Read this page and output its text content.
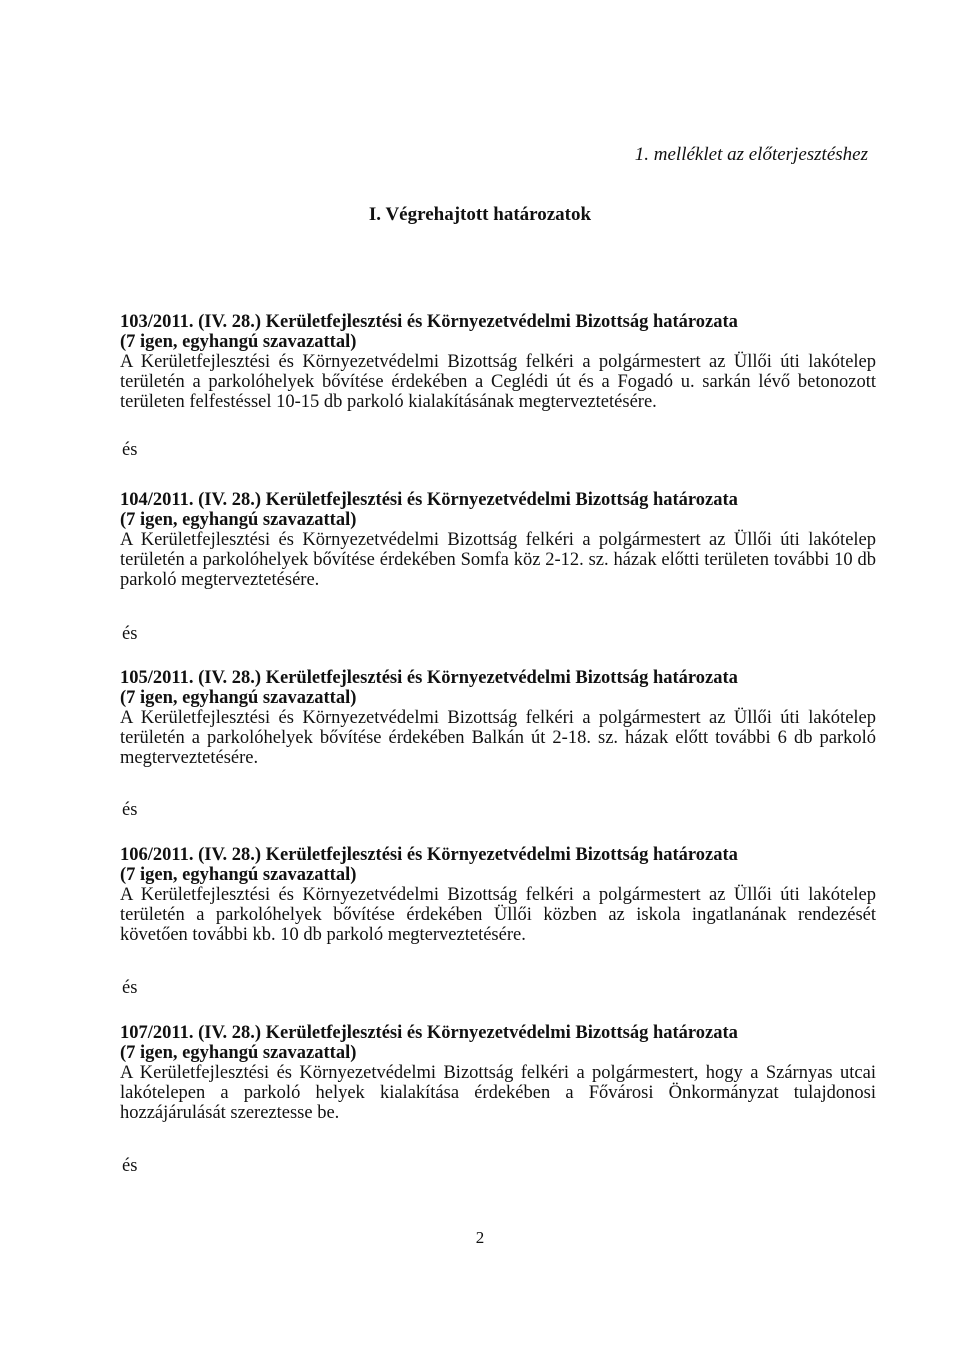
1. melléklet az előterjesztéshez
I. Végrehajtott határozatok
103/2011. (IV. 28.) Kerületfejlesztési és Környezetvédelmi Bizottság határozata
(7 igen, egyhangú szavazattal)
A Kerületfejlesztési és Környezetvédelmi Bizottság felkéri a polgármestert az Üllői úti lakótelep területén a parkolóhelyek bővítése érdekében a Ceglédi út és a Fogadó u. sarkán lévő betonozott területen felfestéssel 10-15 db parkoló kialakításának megterveztetésére.
és
104/2011. (IV. 28.) Kerületfejlesztési és Környezetvédelmi Bizottság határozata
(7 igen, egyhangú szavazattal)
A Kerületfejlesztési és Környezetvédelmi Bizottság felkéri a polgármestert az Üllői úti lakótelep területén a parkolóhelyek bővítése érdekében Somfa köz 2-12. sz. házak előtti területen további 10 db parkoló megterveztetésére.
és
105/2011. (IV. 28.) Kerületfejlesztési és Környezetvédelmi Bizottság határozata
(7 igen, egyhangú szavazattal)
A Kerületfejlesztési és Környezetvédelmi Bizottság felkéri a polgármestert az Üllői úti lakótelep területén a parkolóhelyek bővítése érdekében Balkán út 2-18. sz. házak előtt további 6 db parkoló megterveztetésére.
és
106/2011. (IV. 28.) Kerületfejlesztési és Környezetvédelmi Bizottság határozata
(7 igen, egyhangú szavazattal)
A Kerületfejlesztési és Környezetvédelmi Bizottság felkéri a polgármestert az Üllői úti lakótelep területén a parkolóhelyek bővítése érdekében Üllői közben az iskola ingatlanának rendezését követően további kb. 10 db parkoló megterveztetésére.
és
107/2011. (IV. 28.) Kerületfejlesztési és Környezetvédelmi Bizottság határozata
(7 igen, egyhangú szavazattal)
A Kerületfejlesztési és Környezetvédelmi Bizottság felkéri a polgármestert, hogy a Szárnyas utcai lakótelepen a parkoló helyek kialakítása érdekében a Fővárosi Önkormányzat tulajdonosi hozzájárulását szereztesse be.
és
2
